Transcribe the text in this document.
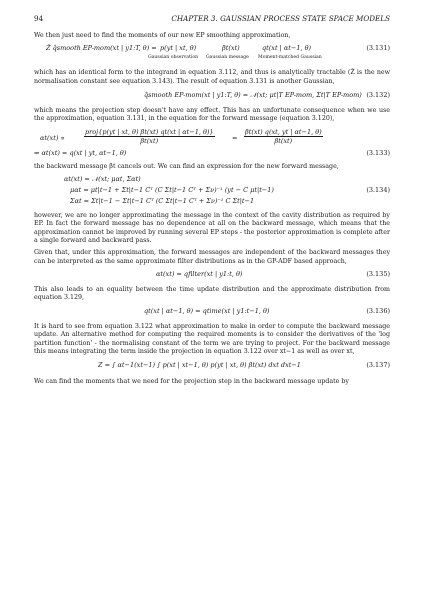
94	CHAPTER 3. GAUSSIAN PROCESS STATE SPACE MODELS

We then just need to find the moments of our new EP smoothing approximation,

Ẑ q̂smooth EP-mom(xt | y1:T, θ) = p(yt | xt, θ)	βt(xt)	qt(xt | αt−1, θ)
Gaussian observation Gaussian message Moment-matched Gaussian
(3.131)

which has an identical form to the integrand in equation 3.112, and thus is analytically tractable (Ẑ is the new normalisation constant see equation 3.143). The result of equation 3.131 is another Gaussian,

q̂smooth EP-mom(xt | y1:T, θ) = 𝒩(xt; μt|T EP-mom, Σt|T EP-mom) (3.132)

which means the projection step doesn't have any effect. This has an unfortunate consequence when we use the approximation, equation 3.131, in the equation for the forward message (equation 3.120),

αt(xt) ∝
proj{p(yt | xt, θ) βt(xt) qt(xt | αt−1, θ)}
βt(xt)	= $\frac{\beta t(xt) q(xt, yt | \alpha t-1, \theta)}{\beta t(xt)}$
⇒ αt(xt) = q(xt | yt, αt−1, θ)	(3.133)

the backward message βt cancels out. We can find an expression for the new forward message,

αt(xt) = 𝒩(xt; μαt, Σαt)
μαt = μt|t−1 + Σt|t−1 Cᵀ (C Σt|t−1 Cᵀ + Σν)⁻¹ (yt − C μt|t−1)
Σαt = Σt|t−1 − Σt|t−1 Cᵀ (C Σt|t−1 Cᵀ + Σν)⁻¹ C Σt|t−1
(3.134)

however, we are no longer approximating the message in the context of the cavity distribution as required by EP. In fact the forward message has no dependence at all on the backward message, which means that the approximation cannot be improved by running several EP steps - the posterior approximation is complete after a single forward and backward pass.

Given that, under this approximation, the forward messages are independent of the backward messages they can be interpreted as the same approximate filter distributions as in the GP-ADF based approach,

αt(xt) = qfilter(xt | y1:t, θ)	(3.135)

This also leads to an equality between the time update distribution and the approximate distribution from equation 3.129,

qt(xt | αt−1, θ) = qtime(xt | y1:t−1, θ)	(3.136)

It is hard to see from equation 3.122 what approximation to make in order to compute the backward message update. An alternative method for computing the required moments is to consider the derivatives of the 'log partition function' - the normalising constant of the term we are trying to project. For the backward message this means integrating the term inside the projection in equation 3.122 over xt−1 as well as over xt,

Z = ∫ αt−1(xt−1) ∫ p(xt | xt−1, θ) p(yt | xt, θ) βt(xt) dxt dxt−1	(3.137)

We can find the moments that we need for the projection step in the backward message update by
